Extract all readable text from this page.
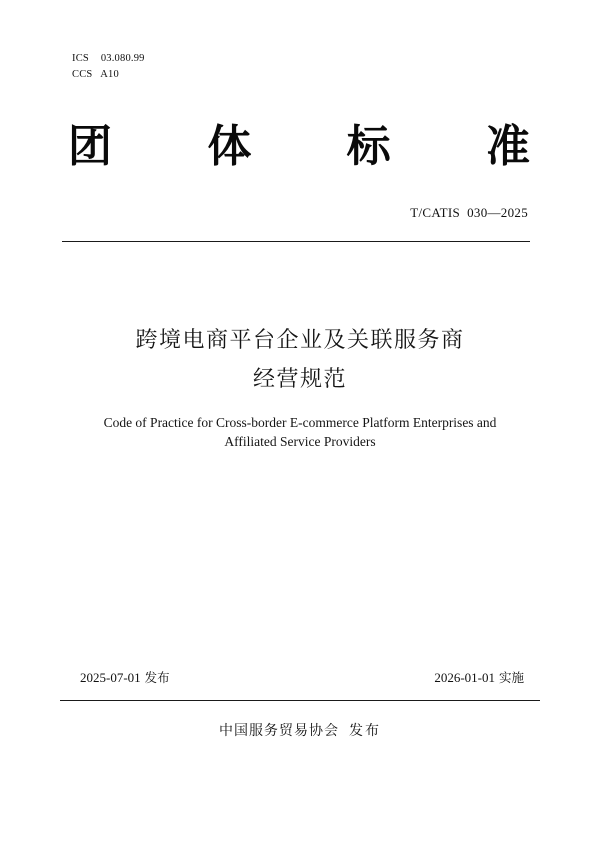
ICS 03.080.99
CCS A10
团 体 标 准
T/CATIS  030—2025
跨境电商平台企业及关联服务商
经营规范
Code of Practice for Cross-border E-commerce Platform Enterprises and
Affiliated Service Providers
2025-07-01 发布	2026-01-01 实施
中国服务贸易协会 发布
